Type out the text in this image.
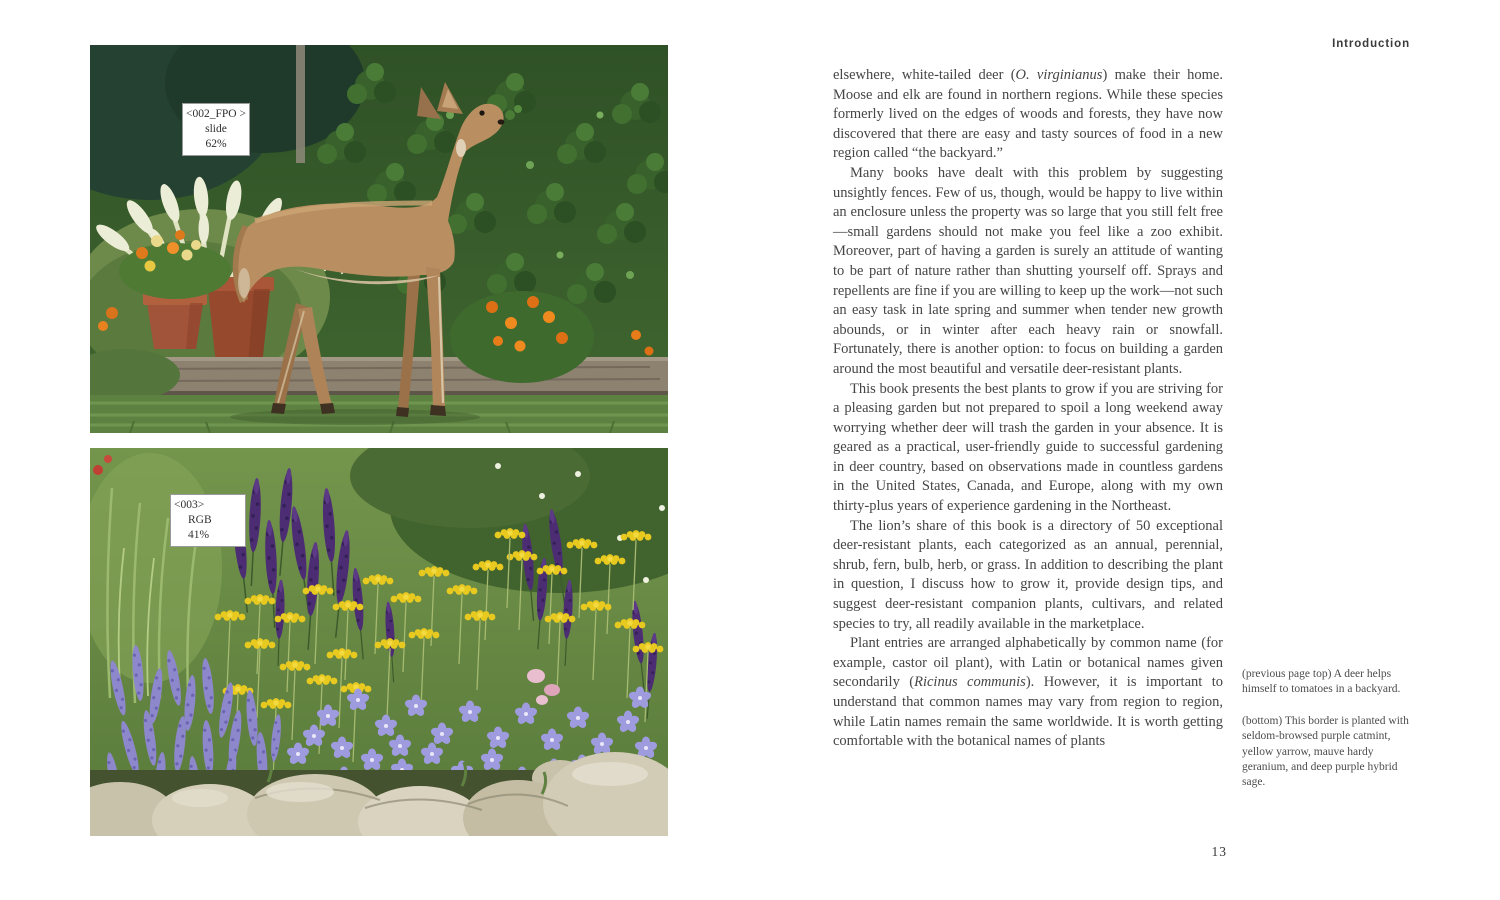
Introduction
<002_FPO >
slide
62%
<003>
RGB
41%

elsewhere, white-tailed deer (O. virginianus) make their home. Moose and elk are found in northern regions. While these species formerly lived on the edges of woods and forests, they have now discovered that there are easy and tasty sources of food in a new region called “the backyard.”

Many books have dealt with this problem by suggesting unsightly fences. Few of us, though, would be happy to live within an enclosure unless the property was so large that you still felt free—small gardens should not make you feel like a zoo exhibit. Moreover, part of having a garden is surely an attitude of wanting to be part of nature rather than shutting yourself off. Sprays and repellents are fine if you are willing to keep up the work—not such an easy task in late spring and summer when tender new growth abounds, or in winter after each heavy rain or snowfall. Fortunately, there is another option: to focus on building a garden around the most beautiful and versatile deer-resistant plants.

This book presents the best plants to grow if you are striving for a pleasing garden but not prepared to spoil a long weekend away worrying whether deer will trash the garden in your absence. It is geared as a practical, user-friendly guide to successful gardening in deer country, based on observations made in countless gardens in the United States, Canada, and Europe, along with my own thirty-plus years of experience gardening in the Northeast.

The lion’s share of this book is a directory of 50 exceptional deer-resistant plants, each categorized as an annual, perennial, shrub, fern, bulb, herb, or grass. In addition to describing the plant in question, I discuss how to grow it, provide design tips, and suggest deer-resistant companion plants, cultivars, and related species to try, all readily available in the marketplace.

Plant entries are arranged alphabetically by common name (for example, castor oil plant), with Latin or botanical names given secondarily (Ricinus communis). However, it is important to understand that common names may vary from region to region, while Latin names remain the same worldwide. It is worth getting comfortable with the botanical names of plants

(previous page top) A deer helps himself to tomatoes in a backyard.

(bottom) This border is planted with seldom-browsed purple catmint, yellow yarrow, mauve hardy geranium, and deep purple hybrid sage.

13
